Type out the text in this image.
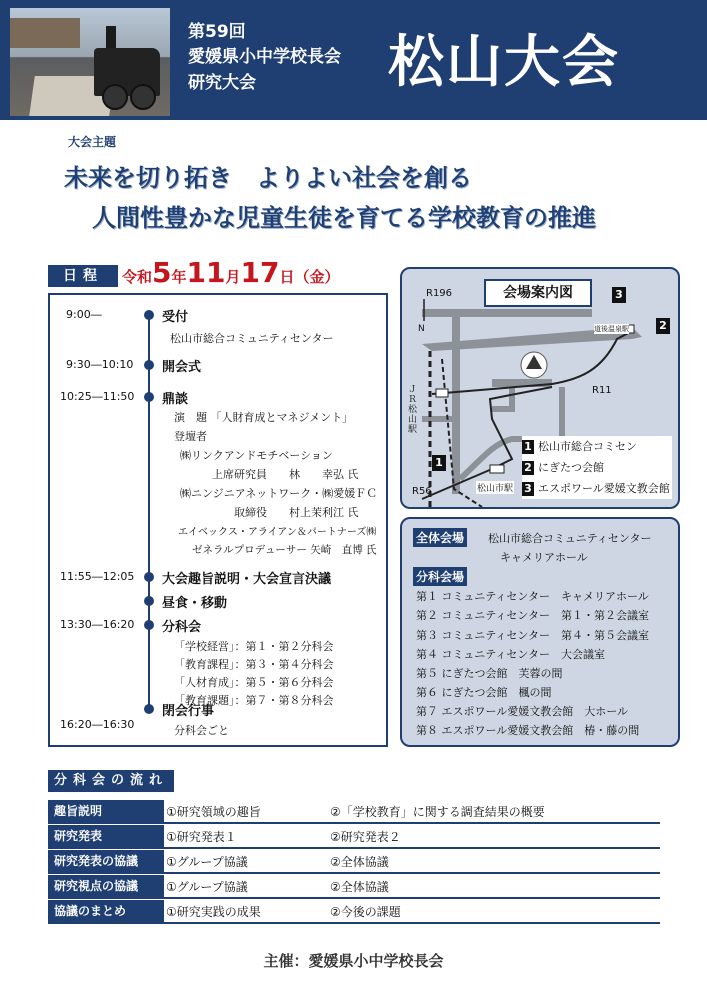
第59回
愛媛県小中学校長会
研究大会 松山大会
大会主題
未来を切り拓き　よりよい社会を創る
人間性豊かな児童生徒を育てる学校教育の推進
日程	令和5年11月17日（金）
9:00―	受付
松山市総合コミュニティセンター
9:30―10:10 開会式
10:25―11:50 鼎談
演　題 「人財育成とマネジメント」
登壇者
㈱リンクアンドモチベーション
上席研究員　　林　　幸弘 氏
㈱ニンジニアネットワーク・㈱愛媛ＦＣ
取締役　　村上茉利江 氏
エイベックス・アライアン＆パートナーズ㈱
ゼネラルプロデューサー 矢崎　直博 氏
11:55―12:05 大会趣旨説明・大会宣言決議
昼食・移動
13:30―16:20 分科会
「学校経営」：第１・第２分科会
「教育課程」：第３・第４分科会
「人材育成」：第５・第６分科会
「教育課題」：第７・第８分科会
16:20―16:30
閉会行事
分科会ごと
N
会場案内図
R196
R11
R56
ＪＲ松山駅
松山市駅
道後温泉駅
3
2
1
1 松山市総合コミセン
2 にぎたつ会館
3 エスポワール愛媛文教会館
全体会場 松山市総合コミュニティセンター
キャメリアホール
分科会場
第１ コミュニティセンター　 キャメリアホール
第２ コミュニティセンター　 第１・第２会議室
第３ コミュニティセンター　 第４・第５会議室
第４ コミュニティセンター　 大会議室
第５ にぎたつ会館　 芙蓉の間
第６ にぎたつ会館　 楓の間
第７ エスポワール愛媛文教会館　 大ホール
第８ エスポワール愛媛文教会館　 椿・藤の間
分科会の流れ
趣旨説明	①研究領域の趣旨	②「学校教育」に関する調査結果の概要
研究発表	①研究発表１	②研究発表２
研究発表の協議	①グループ協議	②全体協議
研究視点の協議	①グループ協議	②全体協議
協議のまとめ	①研究実践の成果	②今後の課題
主催：愛媛県小中学校長会
